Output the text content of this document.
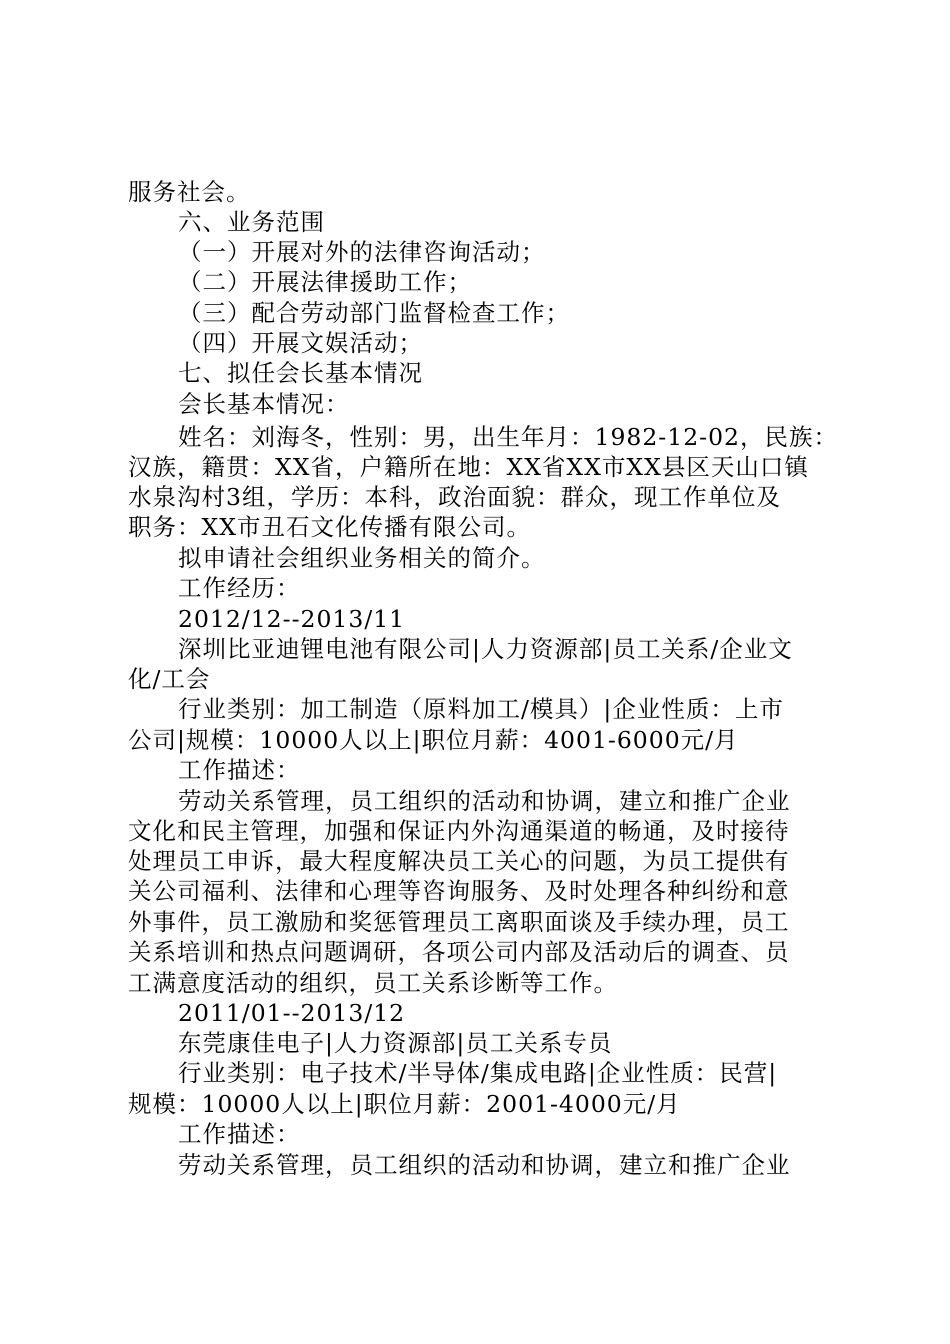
服务社会。
六、业务范围
（一）开展对外的法律咨询活动；
（二）开展法律援助工作；
（三）配合劳动部门监督检查工作；
（四）开展文娱活动；
七、拟任会长基本情况
会长基本情况：
姓名：刘海冬，性别：男，出生年月：1982-12-02，民族：
汉族，籍贯：XX省，户籍所在地：XX省XX市XX县区天山口镇
水泉沟村3组，学历：本科，政治面貌：群众，现工作单位及
职务：XX市丑石文化传播有限公司。
拟申请社会组织业务相关的简介。
工作经历：
2012/12--2013/11
深圳比亚迪锂电池有限公司|人力资源部|员工关系/企业文
化/工会
行业类别：加工制造（原料加工/模具）|企业性质：上市
公司|规模：10000人以上|职位月薪：4001-6000元/月
工作描述：
劳动关系管理，员工组织的活动和协调，建立和推广企业
文化和民主管理，加强和保证内外沟通渠道的畅通，及时接待
处理员工申诉，最大程度解决员工关心的问题，为员工提供有
关公司福利、法律和心理等咨询服务、及时处理各种纠纷和意
外事件，员工激励和奖惩管理员工离职面谈及手续办理，员工
关系培训和热点问题调研，各项公司内部及活动后的调查、员
工满意度活动的组织，员工关系诊断等工作。
2011/01--2013/12
东莞康佳电子|人力资源部|员工关系专员
行业类别：电子技术/半导体/集成电路|企业性质：民营|
规模：10000人以上|职位月薪：2001-4000元/月
工作描述：
劳动关系管理，员工组织的活动和协调，建立和推广企业
